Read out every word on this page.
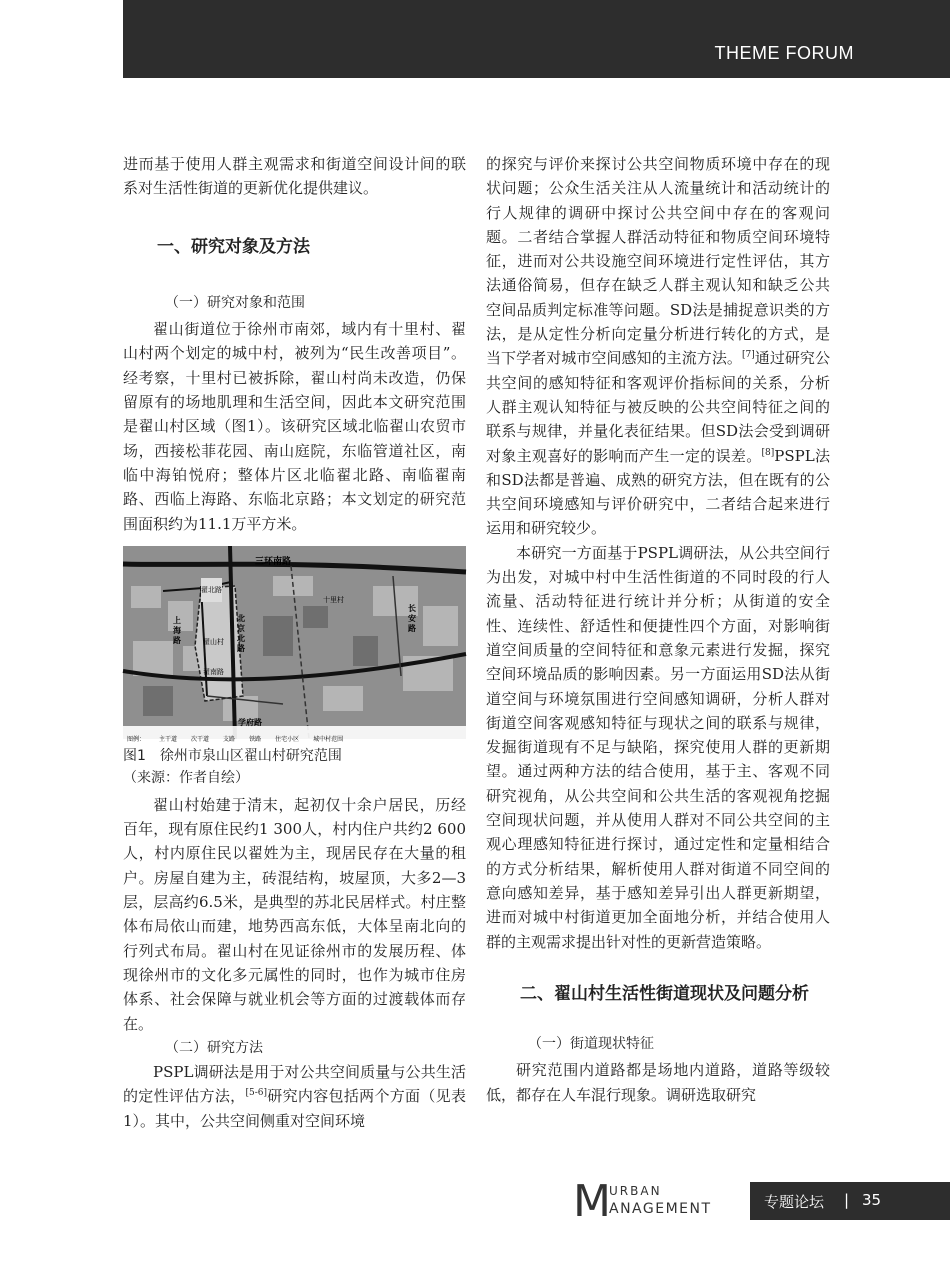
THEME FORUM

进而基于使用人群主观需求和街道空间设计间的联系对生活性街道的更新优化提供建议。

一、研究对象及方法
（一）研究对象和范围

翟山街道位于徐州市南郊，域内有十里村、翟山村两个划定的城中村，被列为“民生改善项目”。经考察，十里村已被拆除，翟山村尚未改造，仍保留原有的场地肌理和生活空间，因此本文研究范围是翟山村区域（图1）。该研究区域北临翟山农贸市场，西接松菲花园、南山庭院，东临管道社区，南临中海铂悦府；整体片区北临翟北路、南临翟南路、西临上海路、东临北京路；本文划定的研究范围面积约为11.1万平方米。

三环南路
翟北路
十里村
上海路	翟山村
北京北路
翟南路
长安路
学府路
图例： 主干道 次干道 支路 铁路 住宅小区 城中村范围
图1　徐州市泉山区翟山村研究范围
（来源：作者自绘）

翟山村始建于清末，起初仅十余户居民，历经百年，现有原住民约1 300人，村内住户共约2 600人，村内原住民以翟姓为主，现居民存在大量的租户。房屋自建为主，砖混结构，坡屋顶，大多2—3层，层高约6.5米，是典型的苏北民居样式。村庄整体布局依山而建，地势西高东低，大体呈南北向的行列式布局。翟山村在见证徐州市的发展历程、体现徐州市的文化多元属性的同时，也作为城市住房体系、社会保障与就业机会等方面的过渡载体而存在。

（二）研究方法

PSPL调研法是用于对公共空间质量与公共生活的定性评估方法，[5-6]研究内容包括两个方面（见表1）。其中，公共空间侧重对空间环境

的探究与评价来探讨公共空间物质环境中存在的现状问题；公众生活关注从人流量统计和活动统计的行人规律的调研中探讨公共空间中存在的客观问题。二者结合掌握人群活动特征和物质空间环境特征，进而对公共设施空间环境进行定性评估，其方法通俗简易，但存在缺乏人群主观认知和缺乏公共空间品质判定标准等问题。SD法是捕捉意识类的方法，是从定性分析向定量分析进行转化的方式，是当下学者对城市空间感知的主流方法。[7]通过研究公共空间的感知特征和客观评价指标间的关系，分析人群主观认知特征与被反映的公共空间特征之间的联系与规律，并量化表征结果。但SD法会受到调研对象主观喜好的影响而产生一定的误差。[8]PSPL法和SD法都是普遍、成熟的研究方法，但在既有的公共空间环境感知与评价研究中，二者结合起来进行运用和研究较少。

本研究一方面基于PSPL调研法，从公共空间行为出发，对城中村中生活性街道的不同时段的行人流量、活动特征进行统计并分析；从街道的安全性、连续性、舒适性和便捷性四个方面，对影响街道空间质量的空间特征和意象元素进行发掘，探究空间环境品质的影响因素。另一方面运用SD法从街道空间与环境氛围进行空间感知调研，分析人群对街道空间客观感知特征与现状之间的联系与规律，发掘街道现有不足与缺陷，探究使用人群的更新期望。通过两种方法的结合使用，基于主、客观不同研究视角，从公共空间和公共生活的客观视角挖掘空间现状问题，并从使用人群对不同公共空间的主观心理感知特征进行探讨，通过定性和定量相结合的方式分析结果，解析使用人群对街道不同空间的意向感知差异，基于感知差异引出人群更新期望，进而对城中村街道更加全面地分析，并结合使用人群的主观需求提出针对性的更新营造策略。

二、翟山村生活性街道现状及问题分析
（一）街道现状特征

研究范围内道路都是场地内道路，道路等级较低，都存在人车混行现象。调研选取研究

M
URBAN
ANAGEMENT	专题论坛 | 35
